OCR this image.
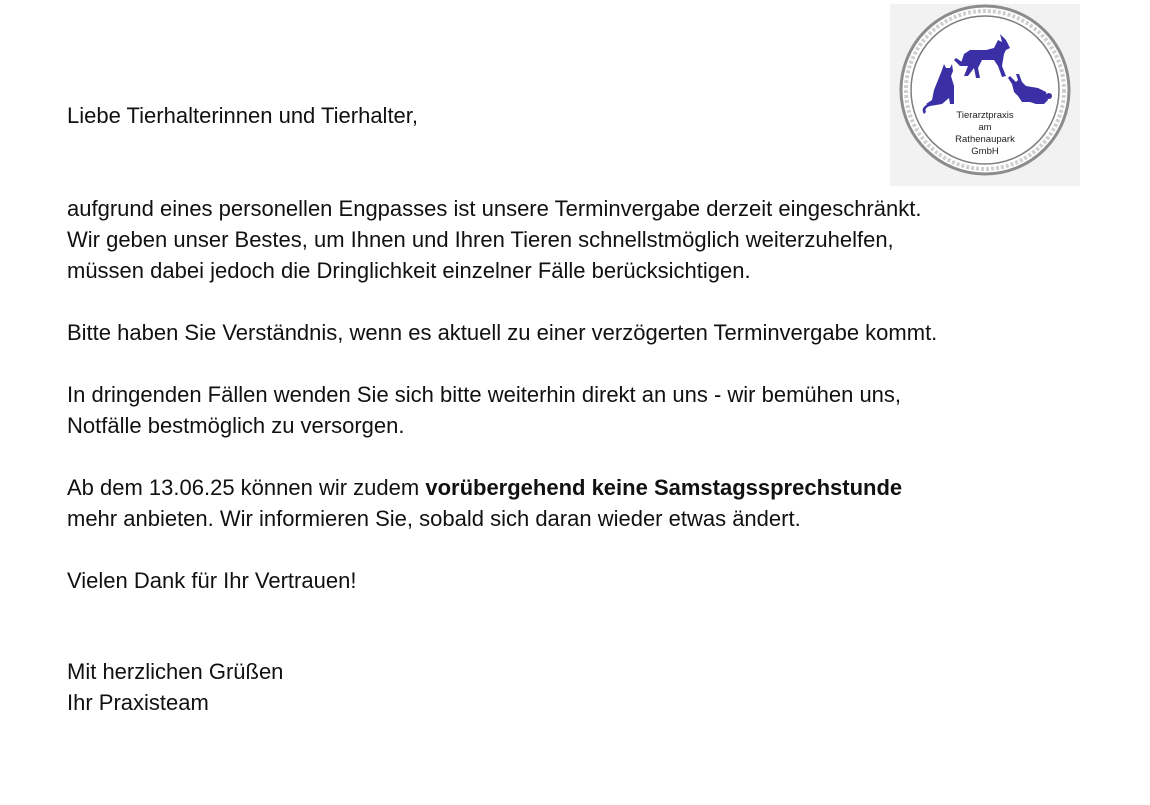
Tierarztpraxis
am
Rathenaupark
GmbH

Liebe Tierhalterinnen und Tierhalter,

aufgrund eines personellen Engpasses ist unsere Terminvergabe derzeit eingeschränkt.

Wir geben unser Bestes, um Ihnen und Ihren Tieren schnellstmöglich weiterzuhelfen,

müssen dabei jedoch die Dringlichkeit einzelner Fälle berücksichtigen.

Bitte haben Sie Verständnis, wenn es aktuell zu einer verzögerten Terminvergabe kommt.

In dringenden Fällen wenden Sie sich bitte weiterhin direkt an uns - wir bemühen uns,

Notfälle bestmöglich zu versorgen.

Ab dem 13.06.25 können wir zudem vorübergehend keine Samstagssprechstunde

mehr anbieten. Wir informieren Sie, sobald sich daran wieder etwas ändert.

Vielen Dank für Ihr Vertrauen!

Mit herzlichen Grüßen

Ihr Praxisteam
